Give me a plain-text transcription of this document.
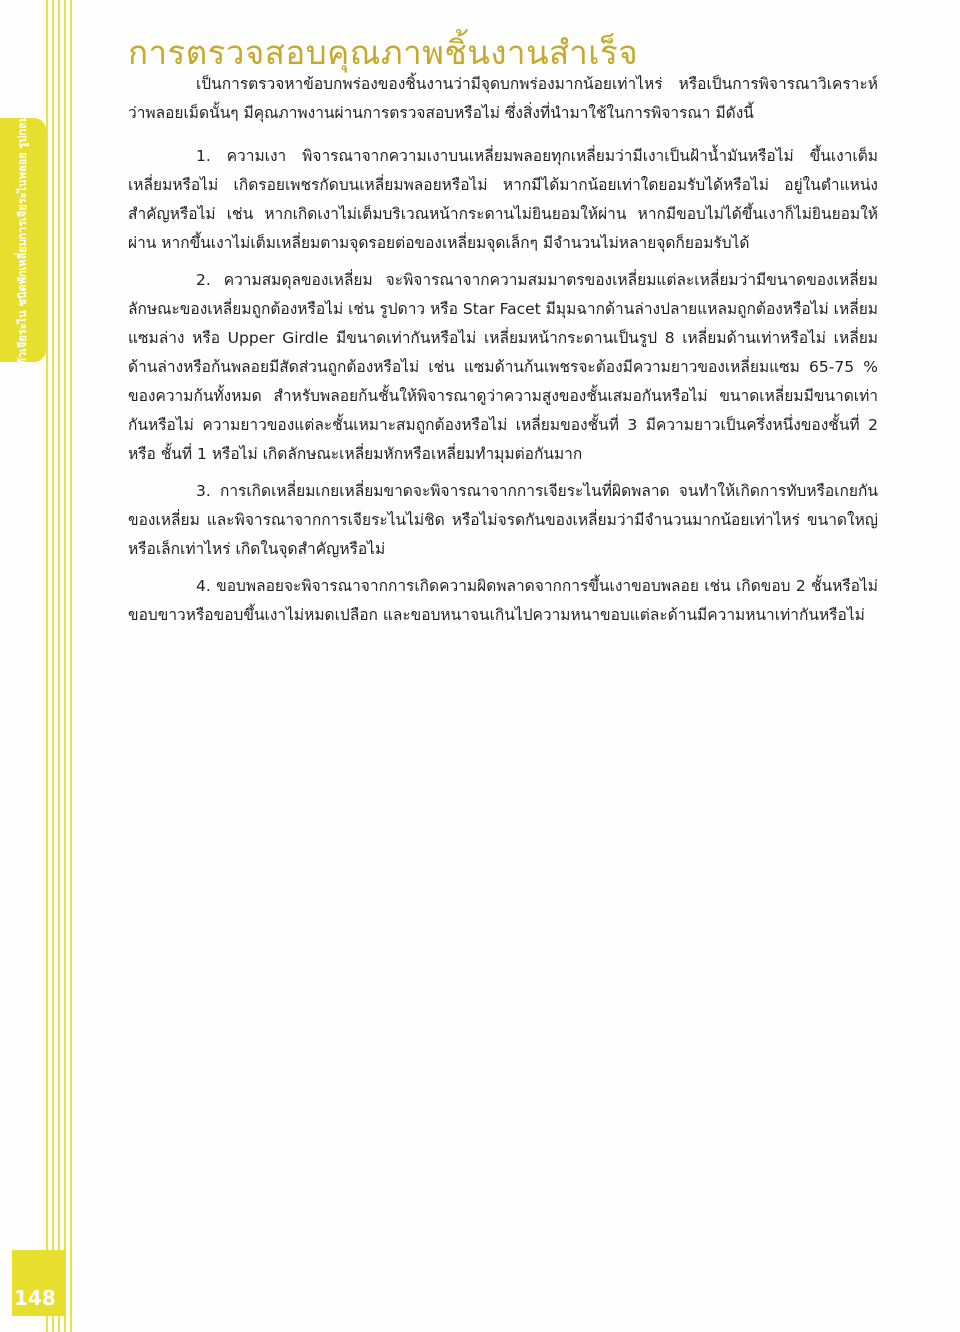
การเจียระไนพลอย รูปกลม
ตัวเจียระไน ชนิดพักเหลี่ยม
148
การตรวจสอบคุณภาพชิ้นงานสำเร็จ

เป็นการตรวจหาข้อบกพร่องของชิ้นงานว่ามีจุดบกพร่องมากน้อยเท่าไหร่ หรือเป็นการพิจารณาวิเคราะห์ว่าพลอยเม็ดนั้นๆ มีคุณภาพงานผ่านการตรวจสอบหรือไม่ ซึ่งสิ่งที่นำมาใช้ในการพิจารณา มีดังนี้

1. ความเงา พิจารณาจากความเงาบนเหลี่ยมพลอยทุกเหลี่ยมว่ามีเงาเป็นฝ้าน้ำมันหรือไม่ ขึ้นเงาเต็มเหลี่ยมหรือไม่ เกิดรอยเพชรกัดบนเหลี่ยมพลอยหรือไม่ หากมีได้มากน้อยเท่าใดยอมรับได้หรือไม่ อยู่ในตำแหน่งสำคัญหรือไม่ เช่น หากเกิดเงาไม่เต็มบริเวณหน้ากระดานไม่ยินยอมให้ผ่าน หากมีขอบไม่ได้ขึ้นเงาก็ไม่ยินยอมให้ผ่าน หากขึ้นเงาไม่เต็มเหลี่ยมตามจุดรอยต่อของเหลี่ยมจุดเล็กๆ มีจำนวนไม่หลายจุดก็ยอมรับได้

2. ความสมดุลของเหลี่ยม จะพิจารณาจากความสมมาตรของเหลี่ยมแต่ละเหลี่ยมว่ามีขนาดของเหลี่ยม ลักษณะของเหลี่ยมถูกต้องหรือไม่ เช่น รูปดาว หรือ Star Facet มีมุมฉากด้านล่างปลายแหลมถูกต้องหรือไม่ เหลี่ยมแซมล่าง หรือ Upper Girdle มีขนาดเท่ากันหรือไม่ เหลี่ยมหน้ากระดานเป็นรูป 8 เหลี่ยมด้านเท่าหรือไม่ เหลี่ยมด้านล่างหรือก้นพลอยมีสัดส่วนถูกต้องหรือไม่ เช่น แซมด้านก้นเพชรจะต้องมีความยาวของเหลี่ยมแซม 65-75 % ของความก้นทั้งหมด สำหรับพลอยก้นชั้นให้พิจารณาดูว่าความสูงของชั้นเสมอกันหรือไม่ ขนาดเหลี่ยมมีขนาดเท่ากันหรือไม่ ความยาวของแต่ละชั้นเหมาะสมถูกต้องหรือไม่ เหลี่ยมของชั้นที่ 3 มีความยาวเป็นครึ่งหนึ่งของชั้นที่ 2 หรือ ชั้นที่ 1 หรือไม่ เกิดลักษณะเหลี่ยมหักหรือเหลี่ยมทำมุมต่อกันมาก

3. การเกิดเหลี่ยมเกยเหลี่ยมขาดจะพิจารณาจากการเจียระไนที่ผิดพลาด จนทำให้เกิดการทับหรือเกยกันของเหลี่ยม และพิจารณาจากการเจียระไนไม่ชิด หรือไม่จรดกันของเหลี่ยมว่ามีจำนวนมากน้อยเท่าไหร่ ขนาดใหญ่หรือเล็กเท่าไหร่ เกิดในจุดสำคัญหรือไม่

4. ขอบพลอยจะพิจารณาจากการเกิดความผิดพลาดจากการขึ้นเงาขอบพลอย เช่น เกิดขอบ 2 ชั้นหรือไม่ ขอบขาวหรือขอบขึ้นเงาไม่หมดเปลือก และขอบหนาจนเกินไปความหนาขอบแต่ละด้านมีความหนาเท่ากันหรือไม่
